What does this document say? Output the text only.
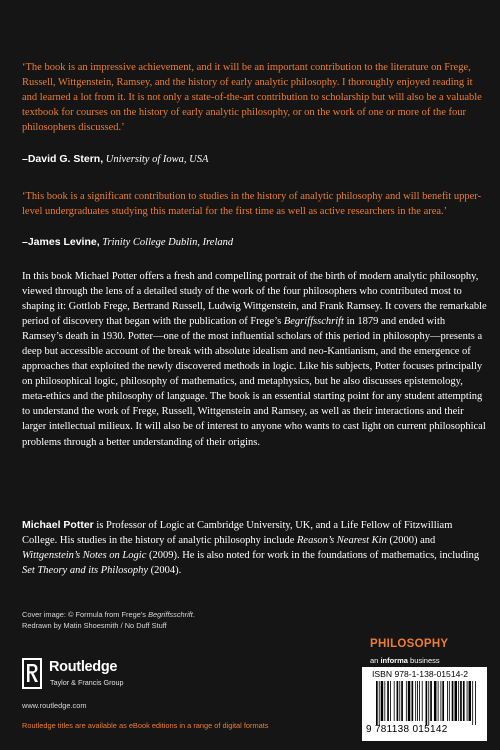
‘The book is an impressive achievement, and it will be an important contribution to the literature on Frege, Russell, Wittgenstein, Ramsey, and the history of early analytic philosophy. I thoroughly enjoyed reading it and learned a lot from it. It is not only a state-of-the-art contribution to scholarship but will also be a valuable textbook for courses on the history of early analytic philosophy, or on the work of one or more of the four philosophers discussed.’

–David G. Stern, University of Iowa, USA

‘This book is a significant contribution to studies in the history of analytic philosophy and will benefit upper-level undergraduates studying this material for the first time as well as active researchers in the area.’

–James Levine, Trinity College Dublin, Ireland

In this book Michael Potter offers a fresh and compelling portrait of the birth of modern analytic philosophy, viewed through the lens of a detailed study of the work of the four philosophers who contributed most to shaping it: Gottlob Frege, Bertrand Russell, Ludwig Wittgenstein, and Frank Ramsey. It covers the remarkable period of discovery that began with the publication of Frege’s Begriffsschrift in 1879 and ended with Ramsey’s death in 1930. Potter—one of the most influential scholars of this period in philosophy—presents a deep but accessible account of the break with absolute idealism and neo-Kantianism, and the emergence of approaches that exploited the newly discovered methods in logic. Like his subjects, Potter focuses principally on philosophical logic, philosophy of mathematics, and metaphysics, but he also discusses epistemology, meta-ethics and the philosophy of language. The book is an essential starting point for any student attempting to understand the work of Frege, Russell, Wittgenstein and Ramsey, as well as their interactions and their larger intellectual milieux. It will also be of interest to anyone who wants to cast light on current philosophical problems through a better understanding of their origins.

Michael Potter is Professor of Logic at Cambridge University, UK, and a Life Fellow of Fitzwilliam College. His studies in the history of analytic philosophy include Reason’s Nearest Kin (2000) and Wittgenstein’s Notes on Logic (2009). He is also noted for work in the foundations of mathematics, including Set Theory and its Philosophy (2004).

Cover image: © Formula from Frege’s Begriffsschrift.
Redrawn by Matin Shoesmith / No Duff Stuff
Routledge
Taylor & Francis Group
www.routledge.com
Routledge titles are available as eBook editions in a range of digital formats
PHILOSOPHY
an informa business
ISBN 978-1-138-01514-2
9 781138 015142
